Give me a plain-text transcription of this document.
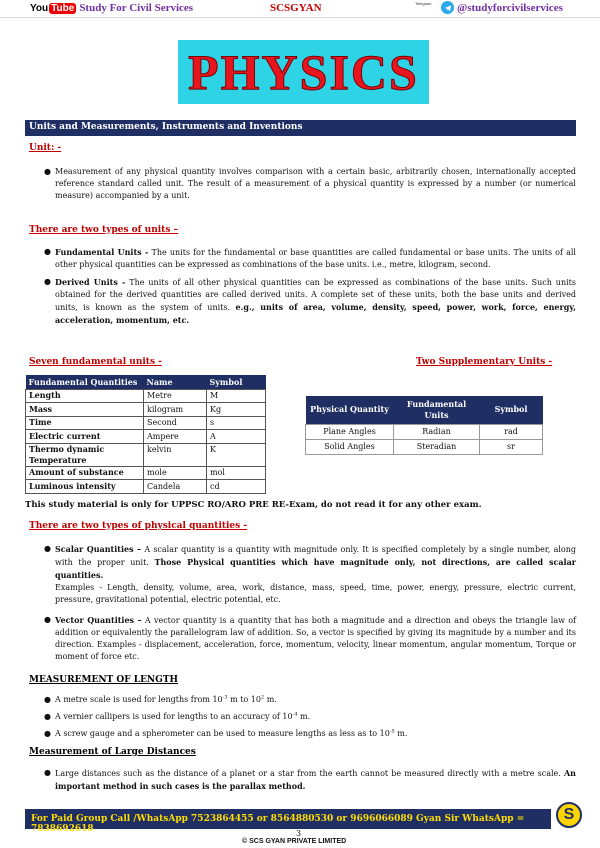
You Tube Study For Civil Services	SCSGYAN	Telegram @studyforcivilservices
PHYSICS
Units and Measurements, Instruments and Inventions
Unit: -
● Measurement of any physical quantity involves comparison with a certain basic, arbitrarily chosen, internationally accepted reference standard called unit. The result of a measurement of a physical quantity is expressed by a number (or numerical measure) accompanied by a unit.
There are two types of units –
● Fundamental Units - The units for the fundamental or base quantities are called fundamental or base units. The units of all other physical quantities can be expressed as combinations of the base units. i.e., metre, kilogram, second.
● Derived Units - The units of all other physical quantities can be expressed as combinations of the base units. Such units obtained for the derived quantities are called derived units. A complete set of these units, both the base units and derived units, is known as the system of units. e.g., units of area, volume, density, speed, power, work, force, energy, acceleration, momentum, etc.
Seven fundamental units -	Two Supplementary Units -
Fundamental Quantities	Name	Symbol
Length	Metre	M
Mass	kilogram	Kg
Time	Second	s
Electric current	Ampere	A
Thermo dynamic Temperature	kelvin	K
Amount of substance	mole	mol
Luminous intensity	Candela	cd
Physical Quantity	Fundamental Units	Symbol
Plane Angles	Radian	rad
Solid Angles	Steradian	sr
This study material is only for UPPSC RO/ARO PRE RE-Exam, do not read it for any other exam.
There are two types of physical quantities -
● Scalar Quantities – A scalar quantity is a quantity with magnitude only. It is specified completely by a single number, along with the proper unit. Those Physical quantities which have magnitude only, not directions, are called scalar quantities.
Examples - Length, density, volume, area, work, distance, mass, speed, time, power, energy, pressure, electric current, pressure, gravitational potential, electric potential, etc.
● Vector Quantities – A vector quantity is a quantity that has both a magnitude and a direction and obeys the triangle law of addition or equivalently the parallelogram law of addition. So, a vector is specified by giving its magnitude by a number and its direction. Examples - displacement, acceleration, force, momentum, velocity, linear momentum, angular momentum, Torque or moment of force etc.
MEASUREMENT OF LENGTH
● A metre scale is used for lengths from $10^{-3}$ m to $10^2$ m.
● A vernier callipers is used for lengths to an accuracy of $10^{-4}$ m.
● A screw gauge and a spherometer can be used to measure lengths as less as to $10^{-5}$ m.
Measurement of Large Distances
● Large distances such as the distance of a planet or a star from the earth cannot be measured directly with a metre scale. An important method in such cases is the parallax method.
For Paid Group Call /WhatsApp 7523864455 or 8564880530 or 9696066089 Gyan Sir WhatsApp = 7838692618
S
3
© SCS GYAN PRIVATE LIMITED
